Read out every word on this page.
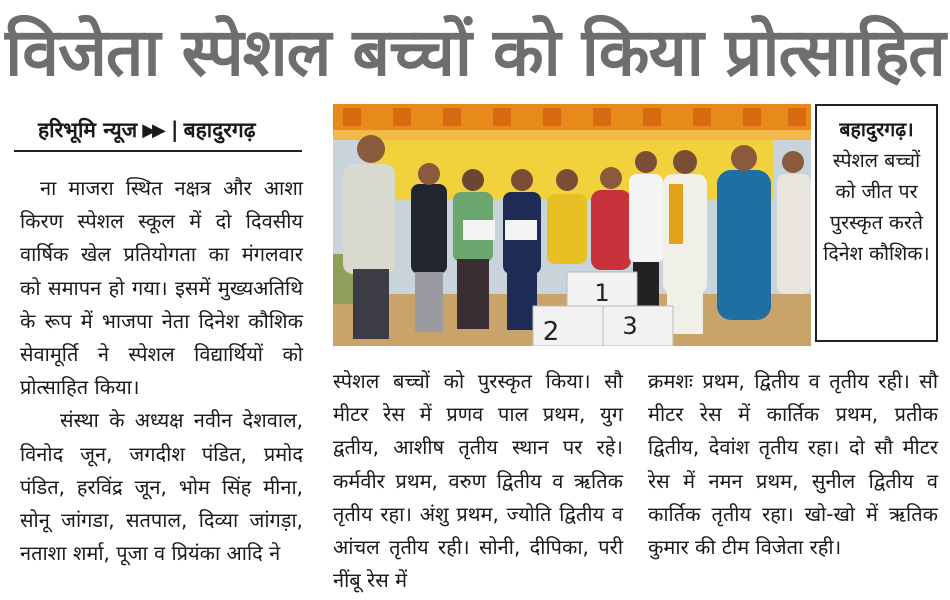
विजेता स्पेशल बच्चों को किया प्रोत्साहित
हरिभूमि न्यूज ▶▶ | बहादुरगढ़

ना माजरा स्थित नक्षत्र और आशा किरण स्पेशल स्कूल में दो दिवसीय वार्षिक खेल प्रतियोगता का मंगलवार को समापन हो गया। इसमें मुख्यअतिथि के रूप में भाजपा नेता दिनेश कौशिक सेवामूर्ति ने स्पेशल विद्यार्थियों को प्रोत्साहित किया।

संस्था के अध्यक्ष नवीन देशवाल, विनोद जून, जगदीश पंडित, प्रमोद पंडित, हरविंद्र जून, भोम सिंह मीना, सोनू जांगडा, सतपाल, दिव्या जांगड़ा, नताशा शर्मा, पूजा व प्रियंका आदि ने

1
2	3
बहादुरगढ़।
स्पेशल बच्चों को जीत पर पुरस्कृत करते दिनेश कौशिक।

स्पेशल बच्चों को पुरस्कृत किया। सौ मीटर रेस में प्रणव पाल प्रथम, युग द्वतीय, आशीष तृतीय स्थान पर रहे। कर्मवीर प्रथम, वरुण द्वितीय व ऋतिक तृतीय रहा। अंशु प्रथम, ज्योति द्वितीय व आंचल तृतीय रही। सोनी, दीपिका, परी नींबू रेस में

क्रमशः प्रथम, द्वितीय व तृतीय रही। सौ मीटर रेस में कार्तिक प्रथम, प्रतीक द्वितीय, देवांश तृतीय रहा। दो सौ मीटर रेस में नमन प्रथम, सुनील द्वितीय व कार्तिक तृतीय रहा। खो-खो में ऋतिक कुमार की टीम विजेता रही।
